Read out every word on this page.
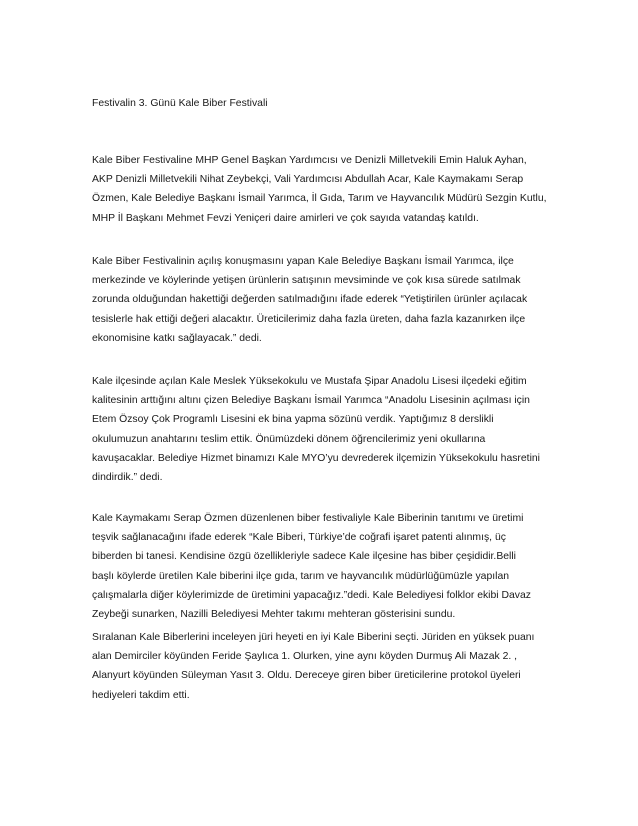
Festivalin 3. Günü Kale Biber Festivali

Kale Biber Festivaline MHP Genel Başkan Yardımcısı ve Denizli Milletvekili Emin Haluk Ayhan,
AKP Denizli Milletvekili Nihat Zeybekçi, Vali Yardımcısı Abdullah Acar, Kale Kaymakamı Serap
Özmen, Kale Belediye Başkanı İsmail Yarımca, İl Gıda, Tarım ve Hayvancılık Müdürü Sezgin Kutlu,
MHP İl Başkanı Mehmet Fevzi Yeniçeri daire amirleri ve çok sayıda vatandaş katıldı.

Kale Biber Festivalinin açılış konuşmasını yapan Kale Belediye Başkanı İsmail Yarımca, ilçe
merkezinde ve köylerinde yetişen ürünlerin satışının mevsiminde ve çok kısa sürede satılmak
zorunda olduğundan hakettiği değerden satılmadığını ifade ederek “Yetiştirilen ürünler açılacak
tesislerle hak ettiği değeri alacaktır. Üreticilerimiz daha fazla üreten, daha fazla kazanırken ilçe
ekonomisine katkı sağlayacak.” dedi.

Kale ilçesinde açılan Kale Meslek Yüksekokulu ve Mustafa Şipar Anadolu Lisesi ilçedeki eğitim
kalitesinin arttığını altını çizen Belediye Başkanı İsmail Yarımca “Anadolu Lisesinin açılması için
Etem Özsoy Çok Programlı Lisesini ek bina yapma sözünü verdik. Yaptığımız 8 derslikli
okulumuzun anahtarını teslim ettik. Önümüzdeki dönem öğrencilerimiz yeni okullarına
kavuşacaklar. Belediye Hizmet binamızı Kale MYO’yu devrederek ilçemizin Yüksekokulu hasretini
dindirdik.” dedi.

Kale Kaymakamı Serap Özmen düzenlenen biber festivaliyle Kale Biberinin tanıtımı ve üretimi
teşvik sağlanacağını ifade ederek “Kale Biberi, Türkiye’de coğrafi işaret patenti alınmış, üç
biberden bi tanesi. Kendisine özgü özellikleriyle sadece Kale ilçesine has biber çeşididir.Belli
başlı köylerde üretilen Kale biberini ilçe gıda, tarım ve hayvancılık müdürlüğümüzle yapılan
çalışmalarla diğer köylerimizde de üretimini yapacağız.”dedi. Kale Belediyesi folklor ekibi Davaz
Zeybeği sunarken, Nazilli Belediyesi Mehter takımı mehteran gösterisini sundu.

Sıralanan Kale Biberlerini inceleyen jüri heyeti en iyi Kale Biberini seçti. Jüriden en yüksek puanı
alan Demirciler köyünden Feride Şaylıca 1. Olurken, yine aynı köyden Durmuş Ali Mazak 2. ,
Alanyurt köyünden Süleyman Yasıt 3. Oldu. Dereceye giren biber üreticilerine protokol üyeleri
hediyeleri takdim etti.
